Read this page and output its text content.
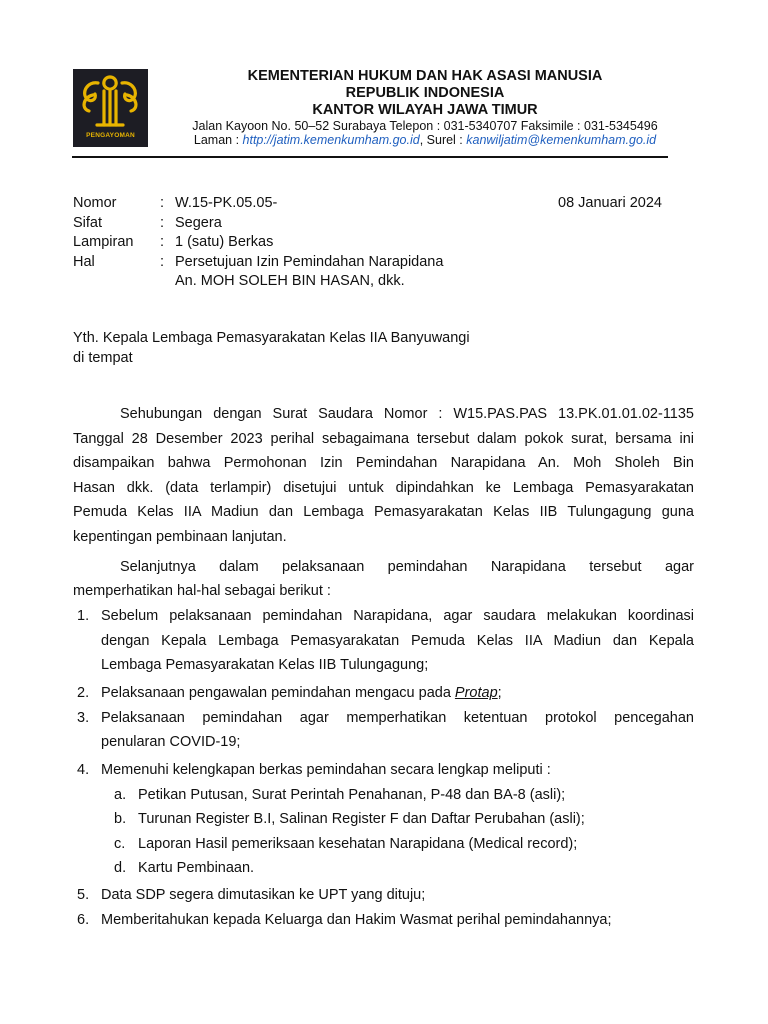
PENGAYOMAN
KEMENTERIAN HUKUM DAN HAK ASASI MANUSIA
REPUBLIK INDONESIA
KANTOR WILAYAH JAWA TIMUR
Jalan Kayoon No. 50–52 Surabaya Telepon : 031-5340707 Faksimile : 031-5345496
Laman : http://jatim.kemenkumham.go.id, Surel : kanwiljatim@kemenkumham.go.id
08 Januari 2024
Nomor	: W.15-PK.05.05-
Sifat	: Segera
Lampiran : 1 (satu) Berkas
Hal	: Persetujuan Izin Pemindahan Narapidana
An. MOH SOLEH BIN HASAN, dkk.
Yth. Kepala Lembaga Pemasyarakatan Kelas IIA Banyuwangi
di tempat
Sehubungan dengan Surat Saudara Nomor : W15.PAS.PAS 13.PK.01.01.02-1135
Tanggal 28 Desember 2023 perihal sebagaimana tersebut dalam pokok surat, bersama ini
disampaikan bahwa Permohonan Izin Pemindahan Narapidana An. Moh Sholeh Bin
Hasan dkk. (data terlampir) disetujui untuk dipindahkan ke Lembaga Pemasyarakatan
Pemuda Kelas IIA Madiun dan Lembaga Pemasyarakatan Kelas IIB Tulungagung guna
kepentingan pembinaan lanjutan.
Selanjutnya dalam pelaksanaan pemindahan Narapidana tersebut agar
memperhatikan hal-hal sebagai berikut :
1. Sebelum pelaksanaan pemindahan Narapidana, agar saudara melakukan koordinasi
dengan Kepala Lembaga Pemasyarakatan Pemuda Kelas IIA Madiun dan Kepala
Lembaga Pemasyarakatan Kelas IIB Tulungagung;
2. Pelaksanaan pengawalan pemindahan mengacu pada Protap;
3. Pelaksanaan pemindahan agar memperhatikan ketentuan protokol pencegahan
penularan COVID-19;
4. Memenuhi kelengkapan berkas pemindahan secara lengkap meliputi :
a. Petikan Putusan, Surat Perintah Penahanan, P-48 dan BA-8 (asli);
b. Turunan Register B.I, Salinan Register F dan Daftar Perubahan (asli);
c. Laporan Hasil pemeriksaan kesehatan Narapidana (Medical record);
d. Kartu Pembinaan.
5. Data SDP segera dimutasikan ke UPT yang dituju;
6. Memberitahukan kepada Keluarga dan Hakim Wasmat perihal pemindahannya;
